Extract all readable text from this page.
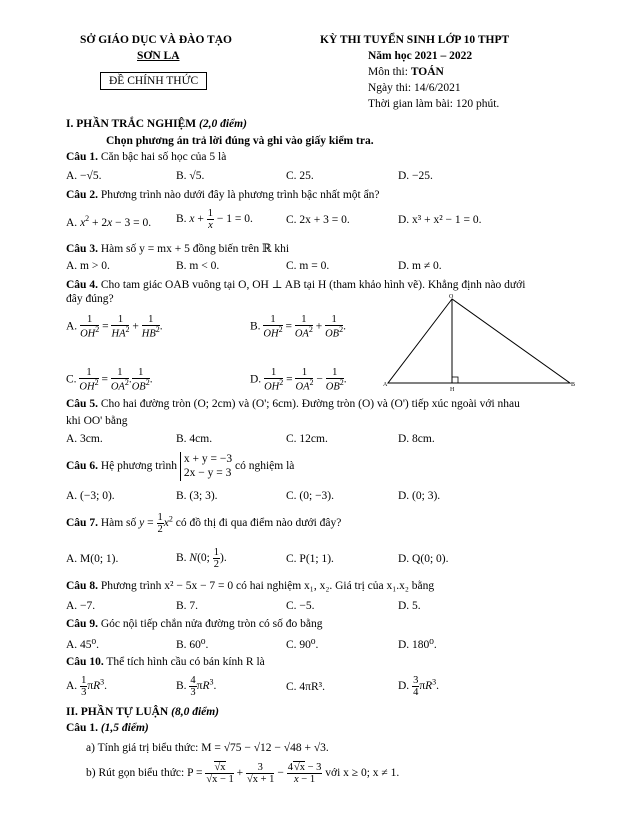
SỞ GIÁO DỤC VÀ ĐÀO TẠO
SƠN LA
ĐỀ CHÍNH THỨC
KỲ THI TUYỂN SINH LỚP 10 THPT
Năm học 2021 – 2022
Môn thi: TOÁN
Ngày thi: 14/6/2021
Thời gian làm bài: 120 phút.
I. PHẦN TRẮC NGHIỆM (2,0 điểm)
Chọn phương án trả lời đúng và ghi vào giấy kiểm tra.
Câu 1. Căn bậc hai số học của 5 là
A. −√5.	B. √5.	C. 25.	D. −25.
Câu 2. Phương trình nào dưới đây là phương trình bậc nhất một ẩn?
A. $x^2 + 2x - 3 = 0$. B. $x + \frac{1}{x} - 1 = 0$.	C. 2x + 3 = 0.	D. x³ + x² − 1 = 0.
Câu 3. Hàm số y = mx + 5 đồng biến trên ℝ khi
A. m > 0.	B. m < 0.	C. m = 0.	D. m ≠ 0.
Câu 4. Cho tam giác OAB vuông tại O, OH ⊥ AB tại H (tham khảo hình vẽ). Khẳng định nào dưới
đây đúng?
A. $\frac{1}{OH^2} = \frac{1}{HA^2} + \frac{1}{HB^2}$ .	B. $\frac{1}{OH^2} = \frac{1}{OA^2} + \frac{1}{OB^2}$ .
C. $\frac{1}{OH^2} = \frac{1}{OA^2}$ . $\frac{1}{OB^2}$ .	D. $\frac{1}{OH^2} = \frac{1}{OA^2} - \frac{1}{OB^2}$ .
O
A
H
B
Câu 5. Cho hai đường tròn (O; 2cm) và (O'; 6cm). Đường tròn (O) và (O') tiếp xúc ngoài với nhau
khi OO' bằng
A. 3cm.	B. 4cm.	C. 12cm.	D. 8cm.
Câu 6. Hệ phương trình
x + y = −3
2x − y = 3
có nghiệm là
A. (−3; 0).	B. (3; 3).	C. (0; −3).	D. (0; 3).
Câu 7. Hàm số $y = \frac{1}{2} x^2$ có đồ thị đi qua điểm nào dưới đây?
A. M(0; 1).	B. N(0; $\frac{1}{2}$ ).	C. P(1; 1).	D. Q(0; 0).
Câu 8. Phương trình x² − 5x − 7 = 0 có hai nghiệm x₁, x₂. Giá trị của x₁.x₂ bằng
A. −7.	B. 7.	C. −5.	D. 5.
Câu 9. Góc nội tiếp chắn nửa đường tròn có số đo bằng
A. 45⁰.	B. 60⁰.	C. 90⁰.	D. 180⁰.
Câu 10. Thể tích hình cầu có bán kính R là
A. $\frac{1}{3} \pi R^3$.	B. $\frac{4}{3} \pi R^3$.	C. 4πR³.	D. $\frac{3}{4} \pi R^3$.
II. PHẦN TỰ LUẬN (8,0 điểm)
Câu 1. (1,5 điểm)
a) Tính giá trị biểu thức: M = √75 − √12 − √48 + √3.
b) Rút gọn biểu thức: $P = \frac{√x}{√x - 1} + \frac{3}{√x + 1} - \frac{4√x - 3}{x - 1}$ với x ≥ 0; x ≠ 1.
